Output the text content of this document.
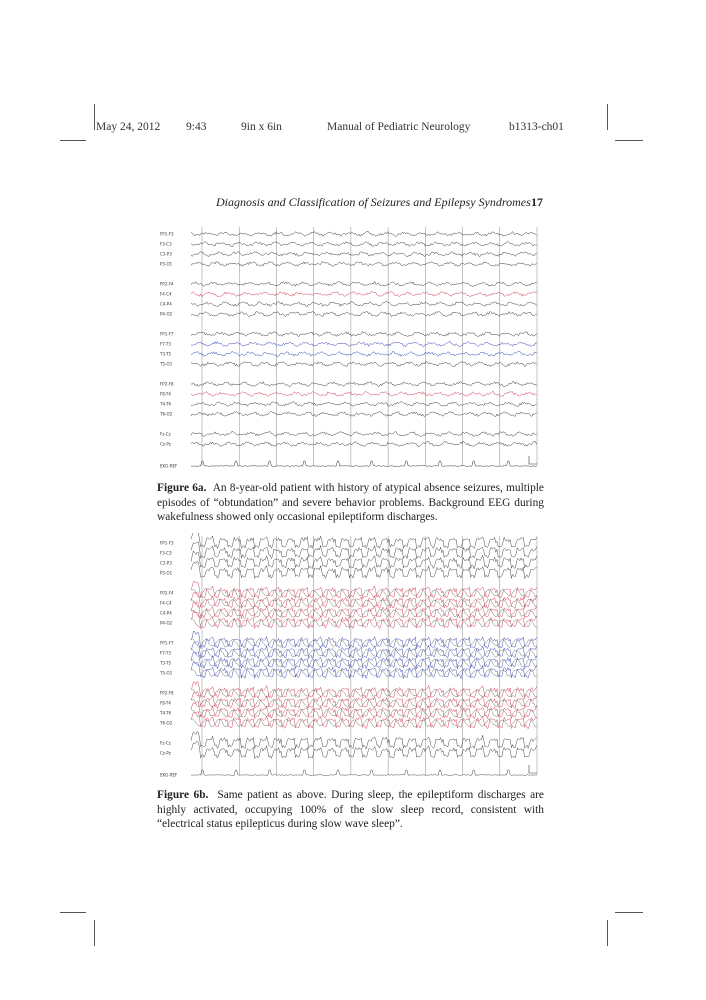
May 24, 2012 9:43	9in x 6in	Manual of Pediatric Neurology	b1313-ch01
Diagnosis and Classification of Seizures and Epilepsy Syndromes 17
FP1-F3
F3-C3
C3-P3
P3-O1
FP2-F4
F4-C4
C4-P4
P4-O2
FP1-F7
F7-T3
T3-T5
T5-O1
FP2-F8
F8-T4
T4-T6
T6-O2
Fz-Cz
Cz-Pz
EKG-REF
Figure 6a. An 8-year-old patient with history of atypical absence seizures, multiple episodes of “obtundation” and severe behavior problems. Background EEG during wakefulness showed only occasional epileptiform discharges.
FP1-F3
F3-C3
C3-P3
P3-O1
FP2-F4
F4-C4
C4-P4
P4-O2
FP1-F7
F7-T3
T3-T5
T5-O1
FP2-F8
F8-T4
T4-T6
T6-O2
Fz-Cz
Cz-Pz
EKG-REF
Figure 6b. Same patient as above. During sleep, the epileptiform discharges are highly activated, occupying 100% of the slow sleep record, consistent with “electrical status epilepticus during slow wave sleep”.
